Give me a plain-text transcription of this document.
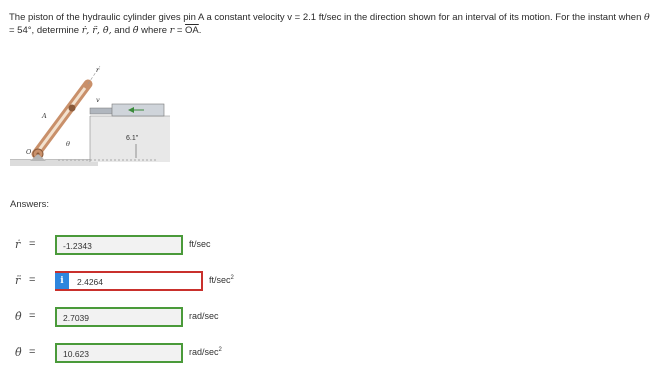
The piston of the hydraulic cylinder gives pin A a constant velocity v = 2.1 ft/sec in the direction shown for an interval of its motion. For the instant when θ = 54°, determine ṙ, r̈, θ̇, and θ̈ where $r = \overline{OA}$.
A
O
v
r
θ
6.1"
Answers:
ṙ =	-1.2343	ft/sec
r̈ =	i	2.4264	$ft/\sec^2$
θ̇ =	2.7039	rad/sec
θ̈ =	10.623	rad/$\sec^2$
